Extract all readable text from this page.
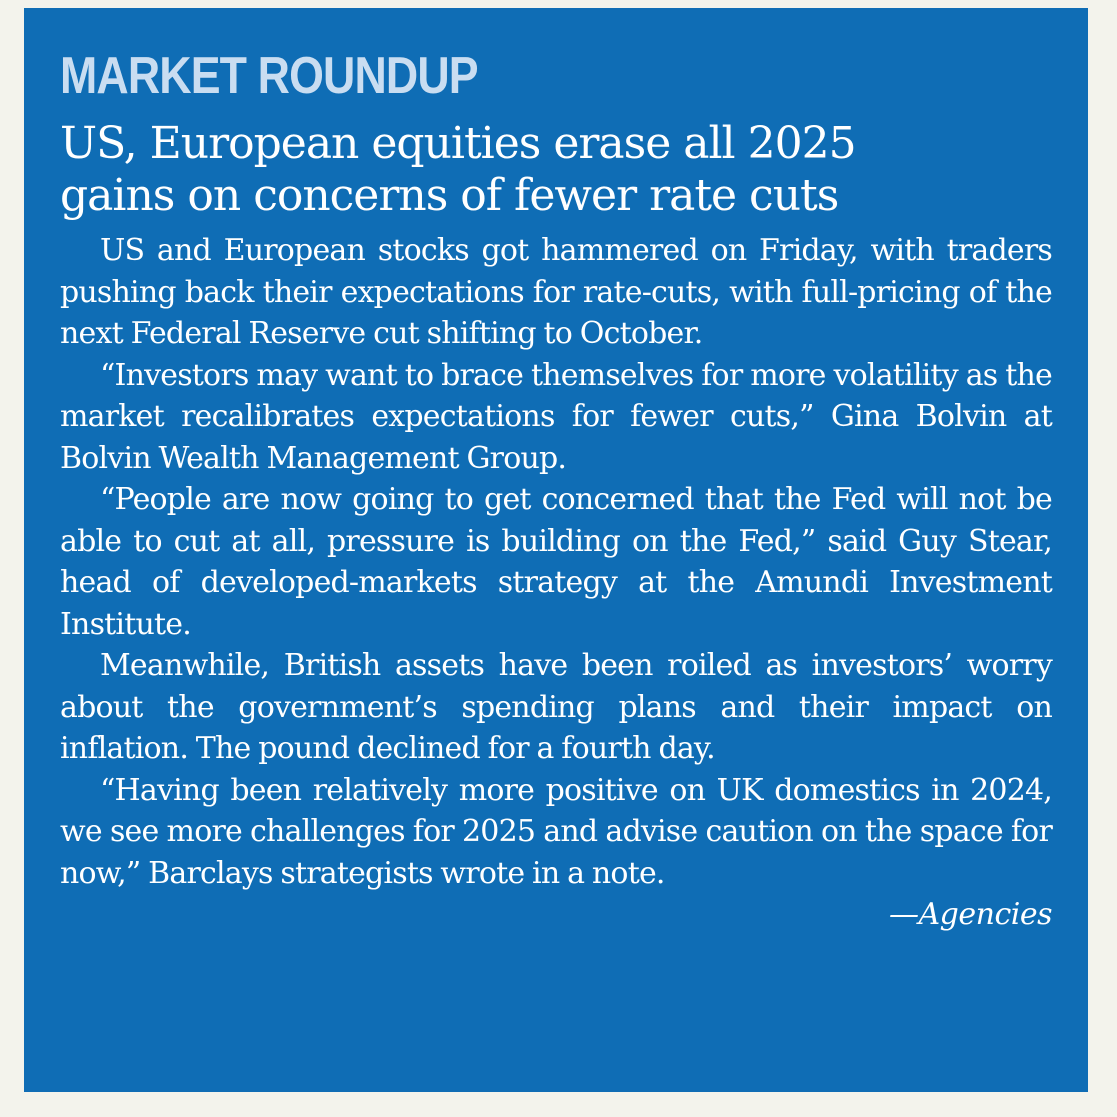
MARKET ROUNDUP
US, European equities erase all 2025
gains on concerns of fewer rate cuts

US and European stocks got hammered on Friday, with traders pushing back their expectations for rate-cuts, with full-pricing of the next Federal Reserve cut shifting to October.

“Investors may want to brace themselves for more volatility as the market recalibrates expectations for fewer cuts,” Gina Bolvin at Bolvin Wealth Management Group.

“People are now going to get concerned that the Fed will not be able to cut at all, pressure is building on the Fed,” said Guy Stear, head of developed-markets strategy at the Amundi Investment Institute.

Meanwhile, British assets have been roiled as investors’ worry about the government’s spending plans and their impact on inflation. The pound declined for a fourth day.

“Having been relatively more positive on UK domestics in 2024, we see more challenges for 2025 and advise caution on the space for now,” Barclays strategists wrote in a note.

—Agencies
